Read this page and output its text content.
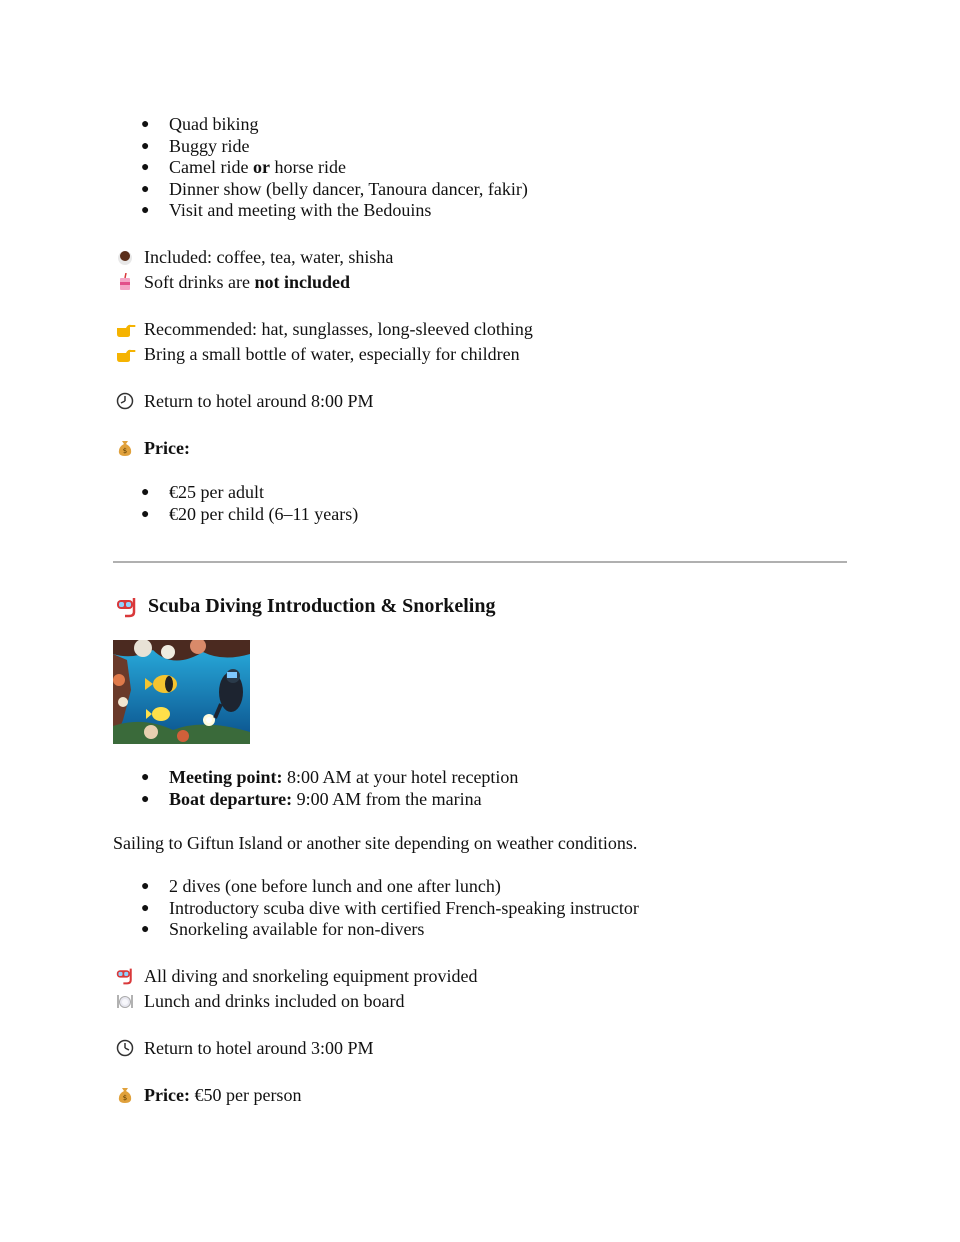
● Quad biking
● Buggy ride
● Camel ride or horse ride
● Dinner show (belly dancer, Tanoura dancer, fakir)
● Visit and meeting with the Bedouins
Included: coffee, tea, water, shisha
Soft drinks are not included
Recommended: hat, sunglasses, long-sleeved clothing
Bring a small bottle of water, especially for children
Return to hotel around 8:00 PM
$ Price:
● €25 per adult
● €20 per child (6–11 years)
Scuba Diving Introduction & Snorkeling
● Meeting point: 8:00 AM at your hotel reception
● Boat departure: 9:00 AM from the marina
Sailing to Giftun Island or another site depending on weather conditions.
● 2 dives (one before lunch and one after lunch)
● Introductory scuba dive with certified French-speaking instructor
● Snorkeling available for non-divers
All diving and snorkeling equipment provided
Lunch and drinks included on board
Return to hotel around 3:00 PM
$ Price: €50 per person
